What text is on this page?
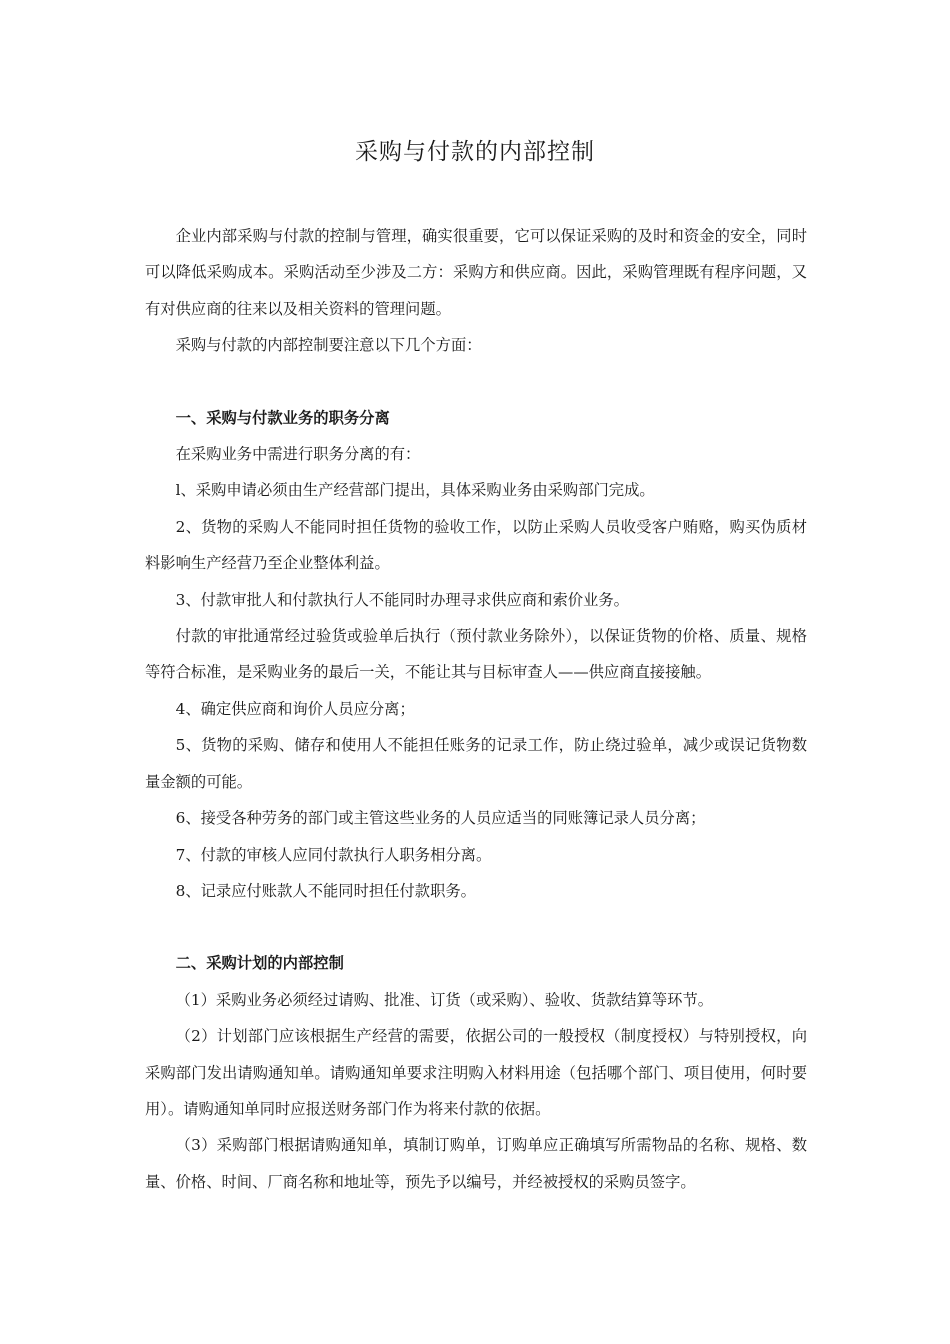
采购与付款的内部控制

企业内部采购与付款的控制与管理，确实很重要，它可以保证采购的及时和资金的安全，同时可以降低采购成本。采购活动至少涉及二方：采购方和供应商。因此，采购管理既有程序问题，又有对供应商的往来以及相关资料的管理问题。

采购与付款的内部控制要注意以下几个方面：

一、采购与付款业务的职务分离

在采购业务中需进行职务分离的有：

l、采购申请必须由生产经营部门提出，具体采购业务由采购部门完成。

2、货物的采购人不能同时担任货物的验收工作，以防止采购人员收受客户贿赂，购买伪质材料影响生产经营乃至企业整体利益。

3、付款审批人和付款执行人不能同时办理寻求供应商和索价业务。

付款的审批通常经过验货或验单后执行（预付款业务除外），以保证货物的价格、质量、规格等符合标准，是采购业务的最后一关，不能让其与目标审查人——供应商直接接触。

4、确定供应商和询价人员应分离；

5、货物的采购、储存和使用人不能担任账务的记录工作，防止绕过验单，减少或误记货物数量金额的可能。

6、接受各种劳务的部门或主管这些业务的人员应适当的同账簿记录人员分离；

7、付款的审核人应同付款执行人职务相分离。

8、记录应付账款人不能同时担任付款职务。

二、采购计划的内部控制

（1）采购业务必须经过请购、批准、订货（或采购）、验收、货款结算等环节。

（2）计划部门应该根据生产经营的需要，依据公司的一般授权（制度授权）与特别授权，向采购部门发出请购通知单。请购通知单要求注明购入材料用途（包括哪个部门、项目使用，何时要用）。请购通知单同时应报送财务部门作为将来付款的依据。

（3）采购部门根据请购通知单，填制订购单，订购单应正确填写所需物品的名称、规格、数量、价格、时间、厂商名称和地址等，预先予以编号，并经被授权的采购员签字。
